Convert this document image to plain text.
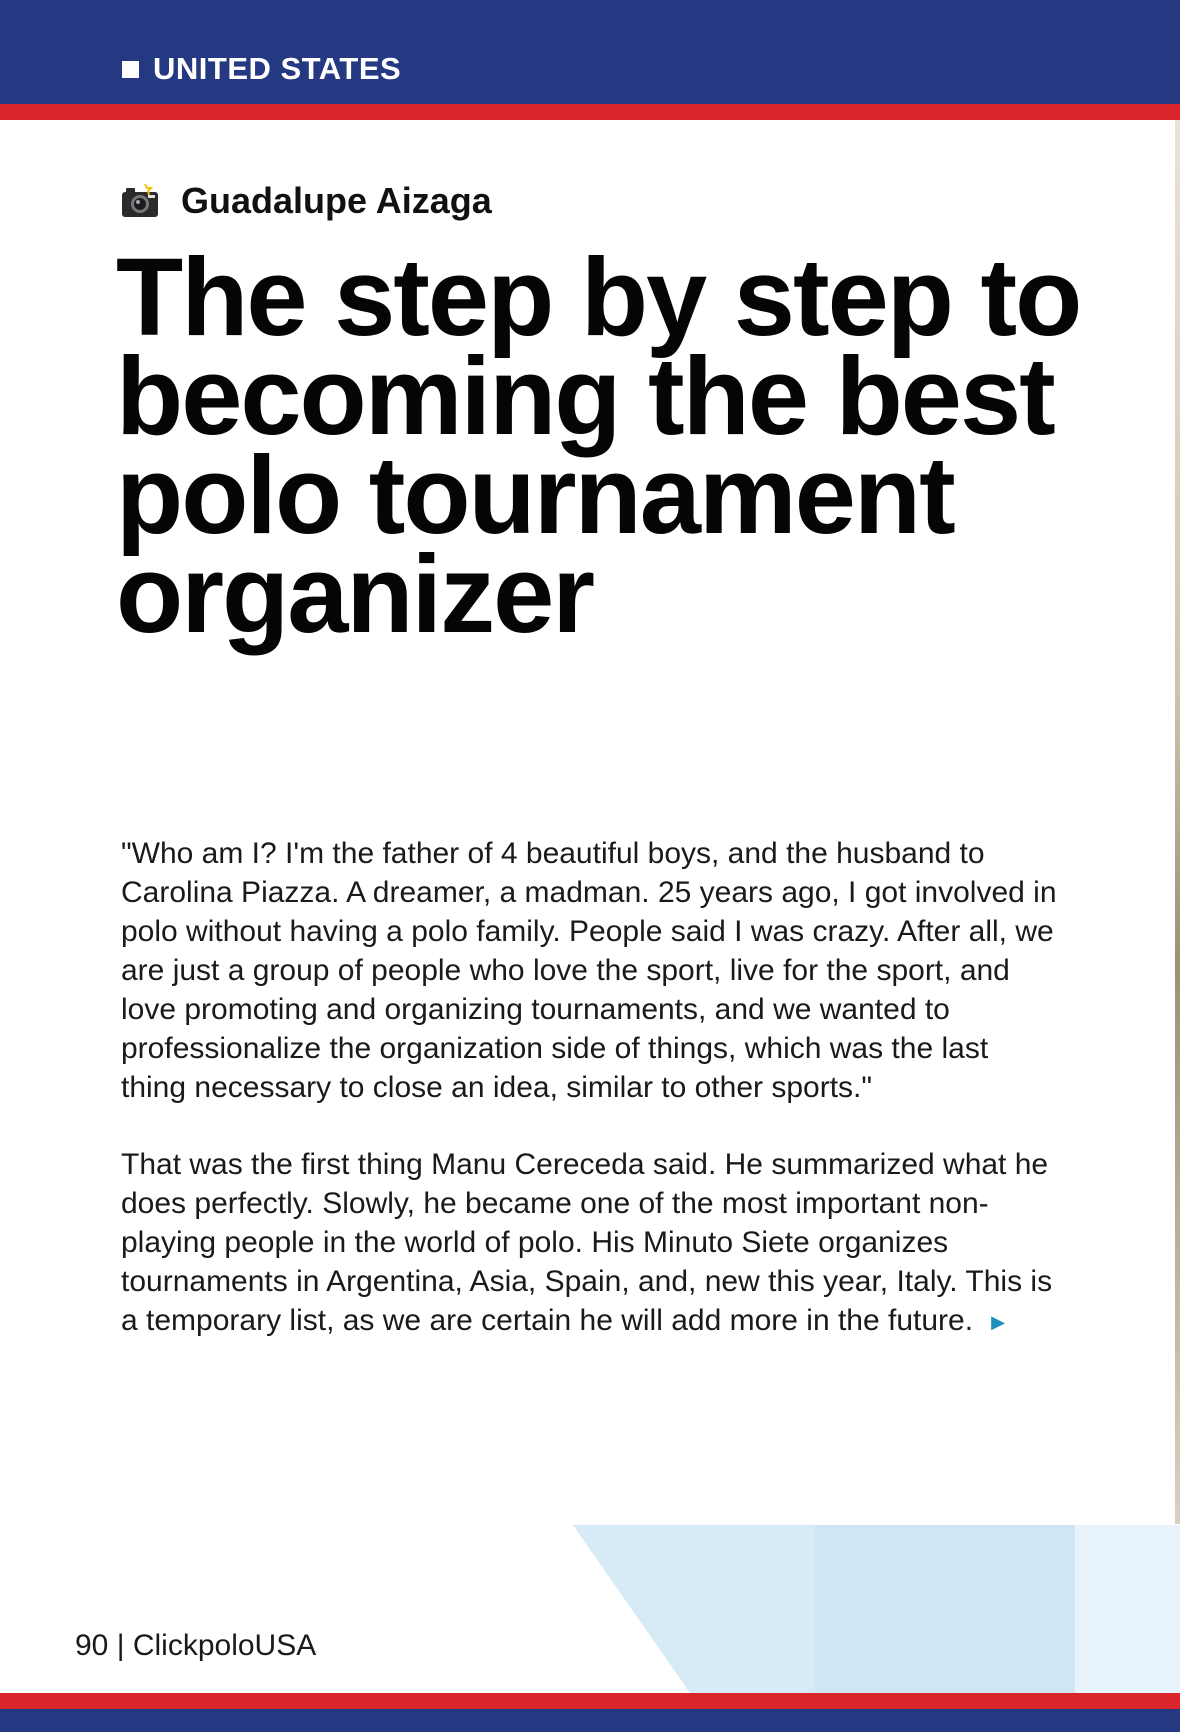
UNITED STATES
Guadalupe Aizaga
The step by step to becoming the best polo tournament organizer

"Who am I? I'm the father of 4 beautiful boys, and the husband to Carolina Piazza. A dreamer, a madman. 25 years ago, I got involved in polo without having a polo family. People said I was crazy. After all, we are just a group of people who love the sport, live for the sport, and love promoting and organizing tournaments, and we wanted to professionalize the organization side of things, which was the last thing necessary to close an idea, similar to other sports."

That was the first thing Manu Cereceda said. He summarized what he does perfectly. Slowly, he became one of the most important non-playing people in the world of polo. His Minuto Siete organizes tournaments in Argentina, Asia, Spain, and, new this year, Italy. This is a temporary list, as we are certain he will add more in the future. ▶

90 | ClickpoloUSA
